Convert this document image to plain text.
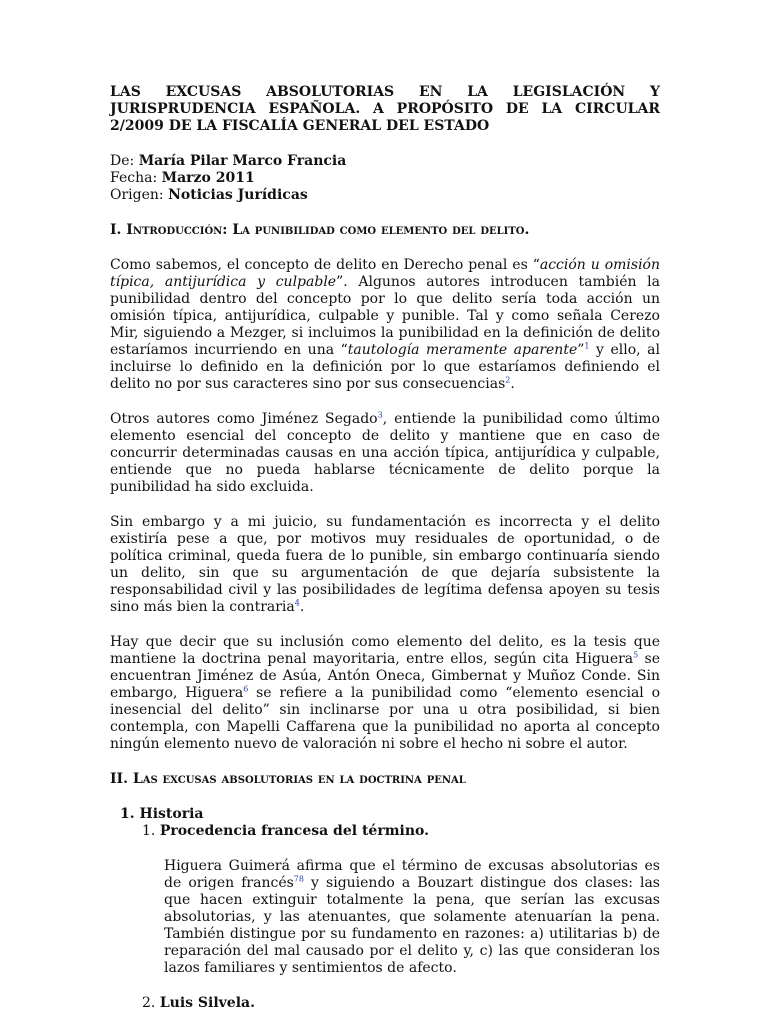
LAS EXCUSAS ABSOLUTORIAS EN LA LEGISLACIÓN Y JURISPRUDENCIA ESPAÑOLA. A PROPÓSITO DE LA CIRCULAR 2/2009 DE LA FISCALÍA GENERAL DEL ESTADO
De: María Pilar Marco Francia
Fecha: Marzo 2011
Origen: Noticias Jurídicas
I. Introducción: La punibilidad como elemento del delito.

Como sabemos, el concepto de delito en Derecho penal es “acción u omisión típica, antijurídica y culpable”. Algunos autores introducen también la punibilidad dentro del concepto por lo que delito sería toda acción un omisión típica, antijurídica, culpable y punible. Tal y como señala Cerezo Mir, siguiendo a Mezger, si incluimos la punibilidad en la definición de delito estaríamos incurriendo en una “tautología meramente aparente”$^1$ y ello, al incluirse lo definido en la definición por lo que estaríamos definiendo el delito no por sus caracteres sino por sus consecuencias$^2$.

Otros autores como Jiménez Segado$^3$, entiende la punibilidad como último elemento esencial del concepto de delito y mantiene que en caso de concurrir determinadas causas en una acción típica, antijurídica y culpable, entiende que no pueda hablarse técnicamente de delito porque la punibilidad ha sido excluida.

Sin embargo y a mi juicio, su fundamentación es incorrecta y el delito existiría pese a que, por motivos muy residuales de oportunidad, o de política criminal, queda fuera de lo punible, sin embargo continuaría siendo un delito, sin que su argumentación de que dejaría subsistente la responsabilidad civil y las posibilidades de legítima defensa apoyen su tesis sino más bien la contraria$^4$.

Hay que decir que su inclusión como elemento del delito, es la tesis que mantiene la doctrina penal mayoritaria, entre ellos, según cita Higuera$^5$ se encuentran Jiménez de Asúa, Antón Oneca, Gimbernat y Muñoz Conde. Sin embargo, Higuera$^6$ se refiere a la punibilidad como “elemento esencial o inesencial del delito” sin inclinarse por una u otra posibilidad, si bien contempla, con Mapelli Caffarena que la punibilidad no aporta al concepto ningún elemento nuevo de valoración ni sobre el hecho ni sobre el autor.

II. Las excusas absolutorias en la doctrina penal
1. Historia
1. Procedencia francesa del término.

Higuera Guimerá afirma que el término de excusas absolutorias es de origen francés$^{78}$ y siguiendo a Bouzart distingue dos clases: las que hacen extinguir totalmente la pena, que serían las excusas absolutorias, y las atenuantes, que solamente atenuarían la pena. También distingue por su fundamento en razones: a) utilitarias b) de reparación del mal causado por el delito y, c) las que consideran los lazos familiares y sentimientos de afecto.

2. Luis Silvela.
